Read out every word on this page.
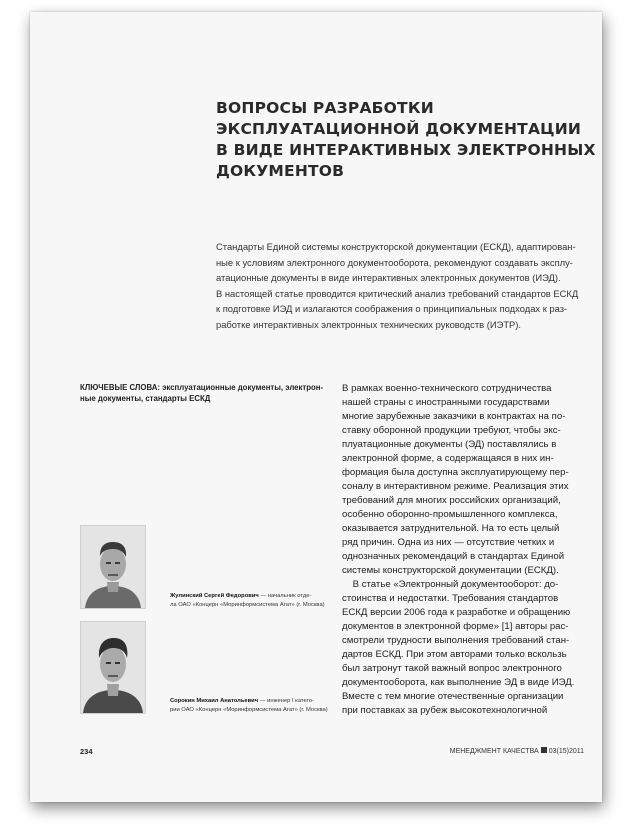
ВОПРОСЫ РАЗРАБОТКИ
ЭКСПЛУАТАЦИОННОЙ ДОКУМЕНТАЦИИ
В ВИДЕ ИНТЕРАКТИВНЫХ ЭЛЕКТРОННЫХ
ДОКУМЕНТОВ
Стандарты Единой системы конструкторской документации (ЕСКД), адаптирован-
ные к условиям электронного документооборота, рекомендуют создавать эксплу-
атационные документы в виде интерактивных электронных документов (ИЭД).
В настоящей статье проводится критический анализ требований стандартов ЕСКД
к подготовке ИЭД и излагаются соображения о принципиальных подходах к раз-
работке интерактивных электронных технических руководств (ИЭТР).
КЛЮЧЕВЫЕ СЛОВА: эксплуатационные документы, электрон-
ные документы, стандарты ЕСКД
В рамках военно-технического сотрудничества
нашей страны с иностранными государствами
многие зарубежные заказчики в контрактах на по-
ставку оборонной продукции требуют, чтобы экс-
плуатационные документы (ЭД) поставлялись в
электронной форме, а содержащаяся в них ин-
формация была доступна эксплуатирующему пер-
соналу в интерактивном режиме. Реализация этих
требований для многих российских организаций,
особенно оборонно-промышленного комплекса,
оказывается затруднительной. На то есть целый
ряд причин. Одна из них — отсутствие четких и
однозначных рекомендаций в стандартах Единой
системы конструкторской документации (ЕСКД).
В статье «Электронный документооборот: до-
стоинства и недостатки. Требования стандартов
ЕСКД версии 2006 года к разработке и обращению
документов в электронной форме» [1] авторы рас-
смотрели трудности выполнения требований стан-
дартов ЕСКД. При этом авторами только вскользь
был затронут такой важный вопрос электронного
документооборота, как выполнение ЭД в виде ИЭД.
Вместе с тем многие отечественные организации
при поставках за рубеж высокотехнологичной
Жулинский Сергей Федорович — начальник отде-
ла ОАО «Концерн «Моринформсистема Агат» (г. Москва)
Сорокин Михаил Анатольевич — инженер I катего-
рии ОАО «Концерн «Моринформсистема Агат» (г. Москва)
234	МЕНЕДЖМЕНТ КАЧЕСТВА 03(15)2011
